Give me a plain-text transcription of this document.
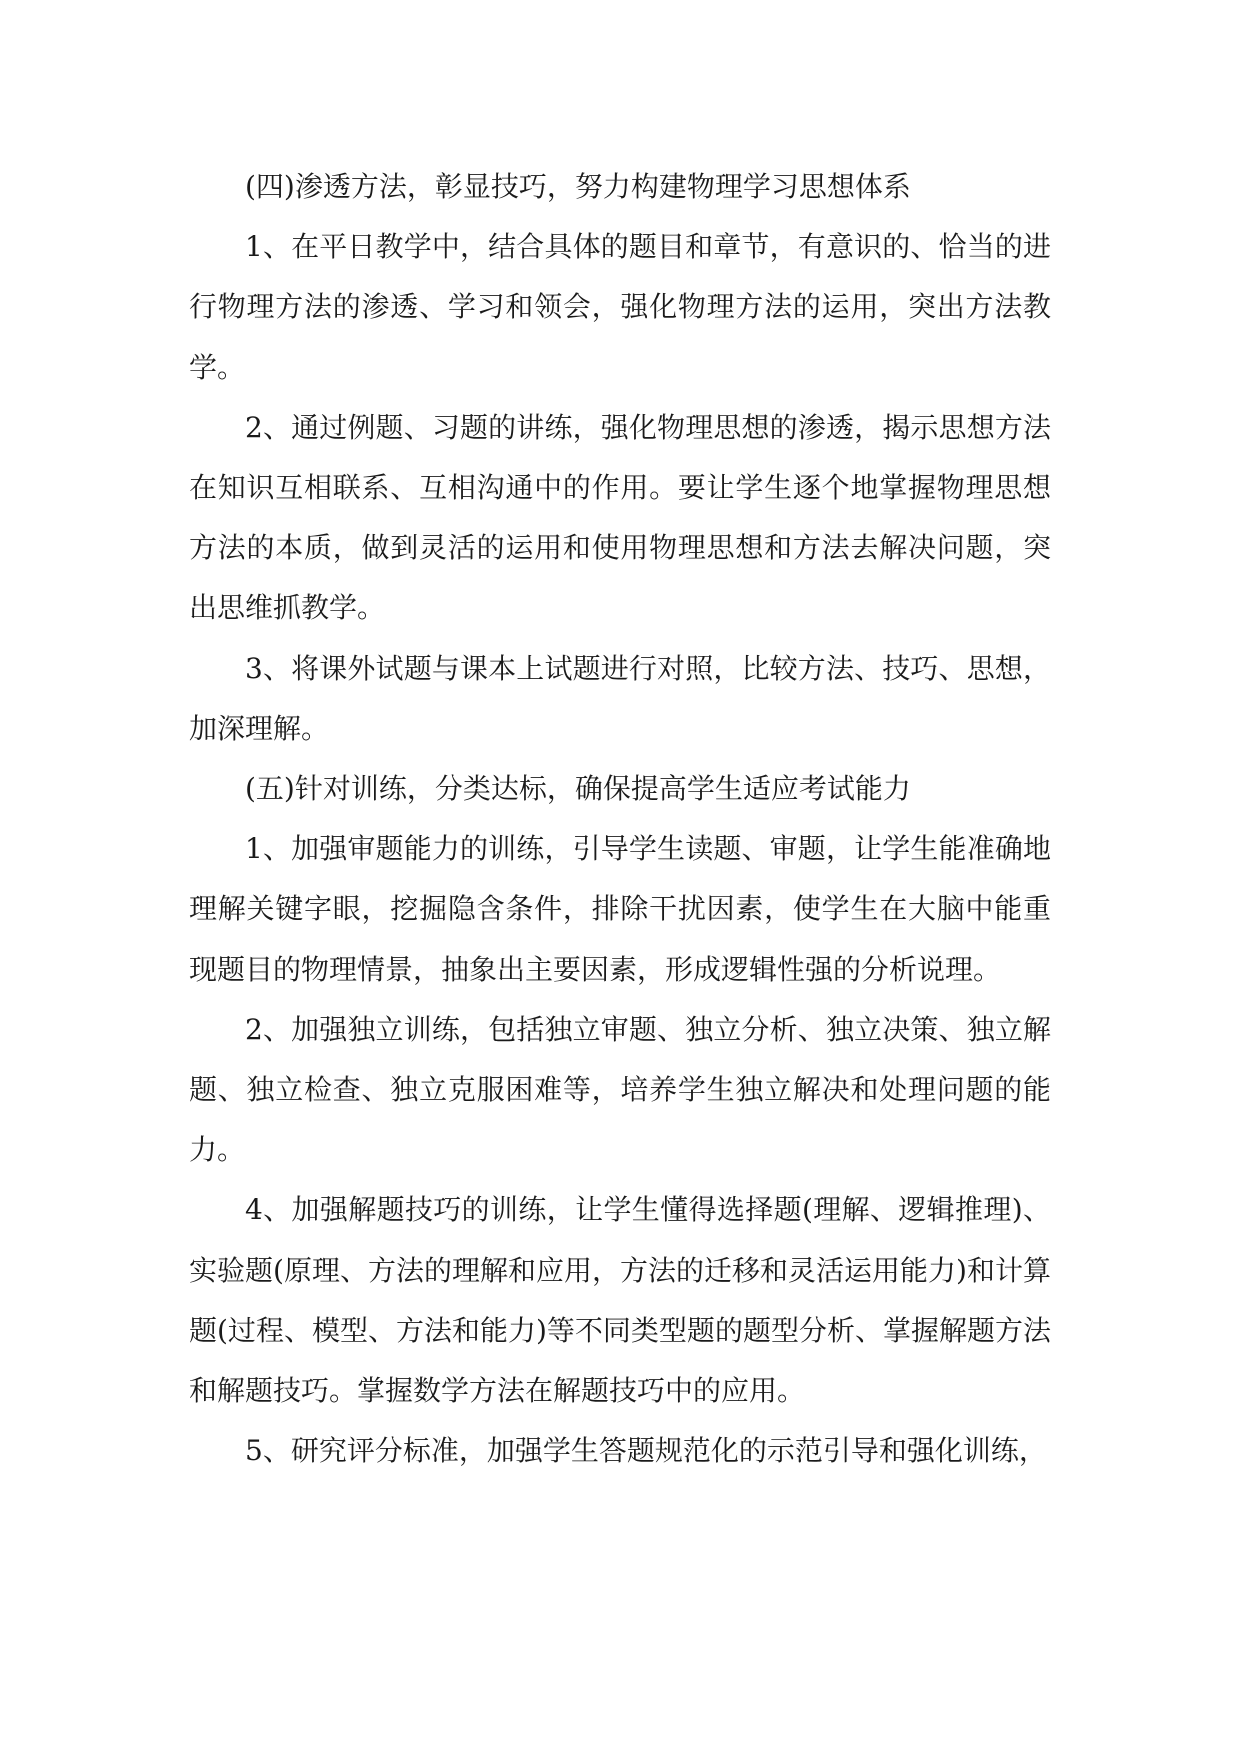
(四)渗透方法，彰显技巧，努力构建物理学习思想体系

1、在平日教学中，结合具体的题目和章节，有意识的、恰当的进行物理方法的渗透、学习和领会，强化物理方法的运用，突出方法教学。

2、通过例题、习题的讲练，强化物理思想的渗透，揭示思想方法在知识互相联系、互相沟通中的作用。要让学生逐个地掌握物理思想方法的本质，做到灵活的运用和使用物理思想和方法去解决问题，突出思维抓教学。

3、将课外试题与课本上试题进行对照，比较方法、技巧、思想，加深理解。

(五)针对训练，分类达标，确保提高学生适应考试能力

1、加强审题能力的训练，引导学生读题、审题，让学生能准确地理解关键字眼，挖掘隐含条件，排除干扰因素，使学生在大脑中能重现题目的物理情景，抽象出主要因素，形成逻辑性强的分析说理。

2、加强独立训练，包括独立审题、独立分析、独立决策、独立解题、独立检查、独立克服困难等，培养学生独立解决和处理问题的能力。

4、加强解题技巧的训练，让学生懂得选择题(理解、逻辑推理)、实验题(原理、方法的理解和应用，方法的迁移和灵活运用能力)和计算题(过程、模型、方法和能力)等不同类型题的题型分析、掌握解题方法和解题技巧。掌握数学方法在解题技巧中的应用。

5、研究评分标准，加强学生答题规范化的示范引导和强化训练，
